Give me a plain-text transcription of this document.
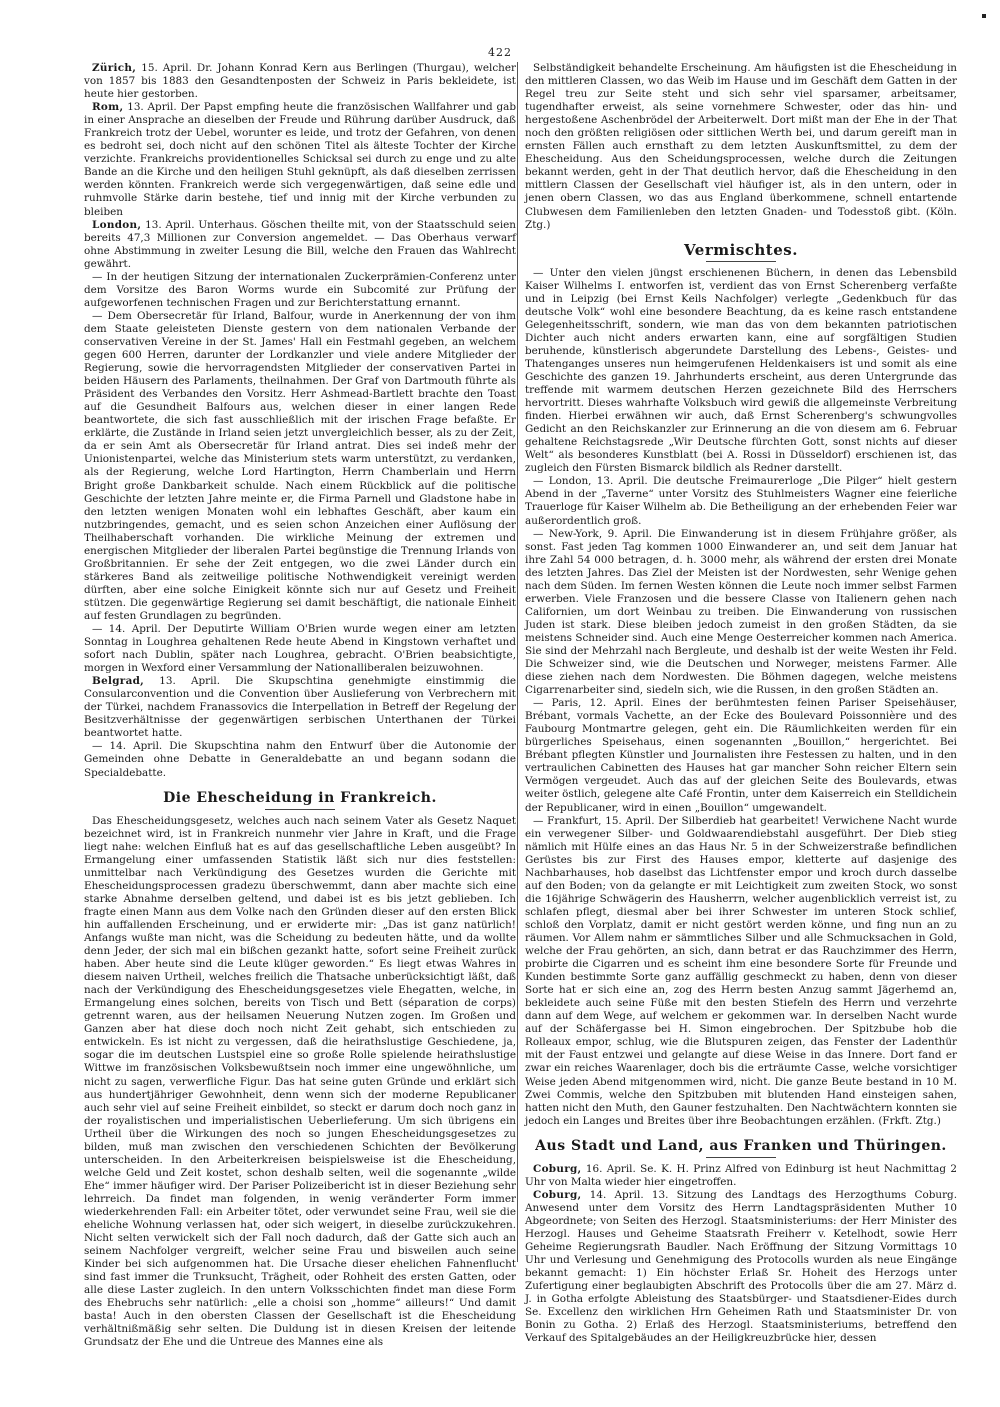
422

Zürich, 15. April. Dr. Johann Konrad Kern aus Berlingen (Thurgau), welcher von 1857 bis 1883 den Gesandtenposten der Schweiz in Paris bekleidete, ist heute hier gestorben.

Rom, 13. April. Der Papst empfing heute die französischen Wallfahrer und gab in einer Ansprache an dieselben der Freude und Rührung darüber Ausdruck, daß Frankreich trotz der Uebel, worunter es leide, und trotz der Gefahren, von denen es bedroht sei, doch nicht auf den schönen Titel als älteste Tochter der Kirche verzichte. Frankreichs providentionelles Schicksal sei durch zu enge und zu alte Bande an die Kirche und den heiligen Stuhl geknüpft, als daß dieselben zerrissen werden könnten. Frankreich werde sich vergegenwärtigen, daß seine edle und ruhmvolle Stärke darin bestehe, tief und innig mit der Kirche verbunden zu bleiben

London, 13. April. Unterhaus. Göschen theilte mit, von der Staatsschuld seien bereits 47,3 Millionen zur Conversion angemeldet. — Das Oberhaus verwarf ohne Abstimmung in zweiter Lesung die Bill, welche den Frauen das Wahlrecht gewährt.

— In der heutigen Sitzung der internationalen Zuckerprämien-Conferenz unter dem Vorsitze des Baron Worms wurde ein Subcomité zur Prüfung der aufgeworfenen technischen Fragen und zur Berichterstattung ernannt.

— Dem Obersecretär für Irland, Balfour, wurde in Anerkennung der von ihm dem Staate geleisteten Dienste gestern von dem nationalen Verbande der conservativen Vereine in der St. James' Hall ein Festmahl gegeben, an welchem gegen 600 Herren, darunter der Lordkanzler und viele andere Mitglieder der Regierung, sowie die hervorragendsten Mitglieder der conservativen Partei in beiden Häusern des Parlaments, theilnahmen. Der Graf von Dartmouth führte als Präsident des Verbandes den Vorsitz. Herr Ashmead-Bartlett brachte den Toast auf die Gesundheit Balfours aus, welchen dieser in einer langen Rede beantwortete, die sich fast ausschließlich mit der irischen Frage befaßte. Er erklärte, die Zustände in Irland seien jetzt unvergleichlich besser, als zu der Zeit, da er sein Amt als Obersecretär für Irland antrat. Dies sei indeß mehr der Unionistenpartei, welche das Ministerium stets warm unterstützt, zu verdanken, als der Regierung, welche Lord Hartington, Herrn Chamberlain und Herrn Bright große Dankbarkeit schulde. Nach einem Rückblick auf die politische Geschichte der letzten Jahre meinte er, die Firma Parnell und Gladstone habe in den letzten wenigen Monaten wohl ein lebhaftes Geschäft, aber kaum ein nutzbringendes, gemacht, und es seien schon Anzeichen einer Auflösung der Theilhaberschaft vorhanden. Die wirkliche Meinung der extremen und energischen Mitglieder der liberalen Partei begünstige die Trennung Irlands von Großbritannien. Er sehe der Zeit entgegen, wo die zwei Länder durch ein stärkeres Band als zeitweilige politische Nothwendigkeit vereinigt werden dürften, aber eine solche Einigkeit könnte sich nur auf Gesetz und Freiheit stützen. Die gegenwärtige Regierung sei damit beschäftigt, die nationale Einheit auf festen Grundlagen zu begründen.

— 14. April. Der Deputirte William O'Brien wurde wegen einer am letzten Sonntag in Loughrea gehaltenen Rede heute Abend in Kingstown verhaftet und sofort nach Dublin, später nach Loughrea, gebracht. O'Brien beabsichtigte, morgen in Wexford einer Versammlung der Nationalliberalen beizuwohnen.

Belgrad, 13. April. Die Skupschtina genehmigte einstimmig die Consularconvention und die Convention über Auslieferung von Verbrechern mit der Türkei, nachdem Franassovics die Interpellation in Betreff der Regelung der Besitzverhältnisse der gegenwärtigen serbischen Unterthanen der Türkei beantwortet hatte.

— 14. April. Die Skupschtina nahm den Entwurf über die Autonomie der Gemeinden ohne Debatte in Generaldebatte an und begann sodann die Specialdebatte.

Die Ehescheidung in Frankreich.

Das Ehescheidungsgesetz, welches auch nach seinem Vater als Gesetz Naquet bezeichnet wird, ist in Frankreich nunmehr vier Jahre in Kraft, und die Frage liegt nahe: welchen Einfluß hat es auf das gesellschaftliche Leben ausgeübt? In Ermangelung einer umfassenden Statistik läßt sich nur dies feststellen: unmittelbar nach Verkündigung des Gesetzes wurden die Gerichte mit Ehescheidungsprocessen gradezu überschwemmt, dann aber machte sich eine starke Abnahme derselben geltend, und dabei ist es bis jetzt geblieben. Ich fragte einen Mann aus dem Volke nach den Gründen dieser auf den ersten Blick hin auffallenden Erscheinung, und er erwiderte mir: „Das ist ganz natürlich! Anfangs wußte man nicht, was die Scheidung zu bedeuten hätte, und da wollte denn Jeder, der sich mal ein bißchen gezankt hatte, sofort seine Freiheit zurück haben. Aber heute sind die Leute klüger geworden.“ Es liegt etwas Wahres in diesem naiven Urtheil, welches freilich die Thatsache unberücksichtigt läßt, daß nach der Verkündigung des Ehescheidungsgesetzes viele Ehegatten, welche, in Ermangelung eines solchen, bereits von Tisch und Bett (séparation de corps) getrennt waren, aus der heilsamen Neuerung Nutzen zogen. Im Großen und Ganzen aber hat diese doch noch nicht Zeit gehabt, sich entschieden zu entwickeln. Es ist nicht zu vergessen, daß die heirathslustige Geschiedene, ja, sogar die im deutschen Lustspiel eine so große Rolle spielende heirathslustige Wittwe im französischen Volksbewußtsein noch immer eine ungewöhnliche, um nicht zu sagen, verwerfliche Figur. Das hat seine guten Gründe und erklärt sich aus hundertjähriger Gewohnheit, denn wenn sich der moderne Republicaner auch sehr viel auf seine Freiheit einbildet, so steckt er darum doch noch ganz in der royalistischen und imperialistischen Ueberlieferung. Um sich übrigens ein Urtheil über die Wirkungen des noch so jungen Ehescheidungsgesetzes zu bilden, muß man zwischen den verschiedenen Schichten der Bevölkerung unterscheiden. In den Arbeiterkreisen beispielsweise ist die Ehescheidung, welche Geld und Zeit kostet, schon deshalb selten, weil die sogenannte „wilde Ehe“ immer häufiger wird. Der Pariser Polizeibericht ist in dieser Beziehung sehr lehrreich. Da findet man folgenden, in wenig veränderter Form immer wiederkehrenden Fall: ein Arbeiter tötet, oder verwundet seine Frau, weil sie die eheliche Wohnung verlassen hat, oder sich weigert, in dieselbe zurückzukehren. Nicht selten verwickelt sich der Fall noch dadurch, daß der Gatte sich auch an seinem Nachfolger vergreift, welcher seine Frau und bisweilen auch seine Kinder bei sich aufgenommen hat. Die Ursache dieser ehelichen Fahnenflucht sind fast immer die Trunksucht, Trägheit, oder Rohheit des ersten Gatten, oder alle diese Laster zugleich. In den untern Volksschichten findet man diese Form des Ehebruchs sehr natürlich: „elle a choisi son „homme“ ailleurs!“ Und damit basta! Auch in den obersten Classen der Gesellschaft ist die Ehescheidung verhältnißmäßig sehr selten. Die Duldung ist in diesen Kreisen der leitende Grundsatz der Ehe und die Untreue des Mannes eine als

Selbständigkeit behandelte Erscheinung. Am häufigsten ist die Ehescheidung in den mittleren Classen, wo das Weib im Hause und im Geschäft dem Gatten in der Regel treu zur Seite steht und sich sehr viel sparsamer, arbeitsamer, tugendhafter erweist, als seine vornehmere Schwester, oder das hin- und hergestoßene Aschenbrödel der Arbeiterwelt. Dort mißt man der Ehe in der That noch den größten religiösen oder sittlichen Werth bei, und darum gereift man in ernsten Fällen auch ernsthaft zu dem letzten Auskunftsmittel, zu dem der Ehescheidung. Aus den Scheidungsprocessen, welche durch die Zeitungen bekannt werden, geht in der That deutlich hervor, daß die Ehescheidung in den mittlern Classen der Gesellschaft viel häufiger ist, als in den untern, oder in jenen obern Classen, wo das aus England überkommene, schnell entartende Clubwesen dem Familienleben den letzten Gnaden- und Todesstoß gibt. (Köln. Ztg.)

Vermischtes.

— Unter den vielen jüngst erschienenen Büchern, in denen das Lebensbild Kaiser Wilhelms I. entworfen ist, verdient das von Ernst Scherenberg verfaßte und in Leipzig (bei Ernst Keils Nachfolger) verlegte „Gedenkbuch für das deutsche Volk“ wohl eine besondere Beachtung, da es keine rasch entstandene Gelegenheitsschrift, sondern, wie man das von dem bekannten patriotischen Dichter auch nicht anders erwarten kann, eine auf sorgfältigen Studien beruhende, künstlerisch abgerundete Darstellung des Lebens-, Geistes- und Thatenganges unseres nun heimgerufenen Heldenkaisers ist und somit als eine Geschichte des ganzen 19. Jahrhunderts erscheint, aus deren Untergrunde das treffende mit warmem deutschen Herzen gezeichnete Bild des Herrschers hervortritt. Dieses wahrhafte Volksbuch wird gewiß die allgemeinste Verbreitung finden. Hierbei erwähnen wir auch, daß Ernst Scherenberg's schwungvolles Gedicht an den Reichskanzler zur Erinnerung an die von diesem am 6. Februar gehaltene Reichstagsrede „Wir Deutsche fürchten Gott, sonst nichts auf dieser Welt“ als besonderes Kunstblatt (bei A. Rossi in Düsseldorf) erschienen ist, das zugleich den Fürsten Bismarck bildlich als Redner darstellt.

— London, 13. April. Die deutsche Freimaurerloge „Die Pilger“ hielt gestern Abend in der „Taverne“ unter Vorsitz des Stuhlmeisters Wagner eine feierliche Trauerloge für Kaiser Wilhelm ab. Die Betheiligung an der erhebenden Feier war außerordentlich groß.

— New-York, 9. April. Die Einwanderung ist in diesem Frühjahre größer, als sonst. Fast jeden Tag kommen 1000 Einwanderer an, und seit dem Januar hat ihre Zahl 54 000 betragen, d. h. 3000 mehr, als während der ersten drei Monate des letzten Jahres. Das Ziel der Meisten ist der Nordwesten, sehr Wenige gehen nach dem Süden. Im fernen Westen können die Leute noch immer selbst Farmen erwerben. Viele Franzosen und die bessere Classe von Italienern gehen nach Californien, um dort Weinbau zu treiben. Die Einwanderung von russischen Juden ist stark. Diese bleiben jedoch zumeist in den großen Städten, da sie meistens Schneider sind. Auch eine Menge Oesterreicher kommen nach America. Sie sind der Mehrzahl nach Bergleute, und deshalb ist der weite Westen ihr Feld. Die Schweizer sind, wie die Deutschen und Norweger, meistens Farmer. Alle diese ziehen nach dem Nordwesten. Die Böhmen dagegen, welche meistens Cigarrenarbeiter sind, siedeln sich, wie die Russen, in den großen Städten an.

— Paris, 12. April. Eines der berühmtesten feinen Pariser Speisehäuser, Brébant, vormals Vachette, an der Ecke des Boulevard Poissonnière und des Faubourg Montmartre gelegen, geht ein. Die Räumlichkeiten werden für ein bürgerliches Speisehaus, einen sogenannten „Bouillon,“ hergerichtet. Bei Brébant pflegten Künstler und Journalisten ihre Festessen zu halten, und in den vertraulichen Cabinetten des Hauses hat gar mancher Sohn reicher Eltern sein Vermögen vergeudet. Auch das auf der gleichen Seite des Boulevards, etwas weiter östlich, gelegene alte Café Frontin, unter dem Kaiserreich ein Stelldichein der Republicaner, wird in einen „Bouillon“ umgewandelt.

— Frankfurt, 15. April. Der Silberdieb hat gearbeitet! Verwichene Nacht wurde ein verwegener Silber- und Goldwaarendiebstahl ausgeführt. Der Dieb stieg nämlich mit Hülfe eines an das Haus Nr. 5 in der Schweizerstraße befindlichen Gerüstes bis zur First des Hauses empor, kletterte auf dasjenige des Nachbarhauses, hob daselbst das Lichtfenster empor und kroch durch dasselbe auf den Boden; von da gelangte er mit Leichtigkeit zum zweiten Stock, wo sonst die 16jährige Schwägerin des Hausherrn, welcher augenblicklich verreist ist, zu schlafen pflegt, diesmal aber bei ihrer Schwester im unteren Stock schlief, schloß den Vorplatz, damit er nicht gestört werden könne, und fing nun an zu räumen. Vor Allem nahm er sämmtliches Silber und alle Schmucksachen in Gold, welche der Frau gehörten, an sich, dann betrat er das Rauchzimmer des Herrn, probirte die Cigarren und es scheint ihm eine besondere Sorte für Freunde und Kunden bestimmte Sorte ganz auffällig geschmeckt zu haben, denn von dieser Sorte hat er sich eine an, zog des Herrn besten Anzug sammt Jägerhemd an, bekleidete auch seine Füße mit den besten Stiefeln des Herrn und verzehrte dann auf dem Wege, auf welchem er gekommen war. In derselben Nacht wurde auf der Schäfergasse bei H. Simon eingebrochen. Der Spitzbube hob die Rolleaux empor, schlug, wie die Blutspuren zeigen, das Fenster der Ladenthür mit der Faust entzwei und gelangte auf diese Weise in das Innere. Dort fand er zwar ein reiches Waarenlager, doch bis die erträumte Casse, welche vorsichtiger Weise jeden Abend mitgenommen wird, nicht. Die ganze Beute bestand in 10 M. Zwei Commis, welche den Spitzbuben mit blutenden Hand einsteigen sahen, hatten nicht den Muth, den Gauner festzuhalten. Den Nachtwächtern konnten sie jedoch ein Langes und Breites über ihre Beobachtungen erzählen. (Frkft. Ztg.)

Aus Stadt und Land, aus Franken und Thüringen.

Coburg, 16. April. Se. K. H. Prinz Alfred von Edinburg ist heut Nachmittag 2 Uhr von Malta wieder hier eingetroffen.

Coburg, 14. April. 13. Sitzung des Landtags des Herzogthums Coburg. Anwesend unter dem Vorsitz des Herrn Landtagspräsidenten Muther 10 Abgeordnete; von Seiten des Herzogl. Staatsministeriums: der Herr Minister des Herzogl. Hauses und Geheime Staatsrath Freiherr v. Ketelhodt, sowie Herr Geheime Regierungsrath Baudler. Nach Eröffnung der Sitzung Vormittags 10 Uhr und Verlesung und Genehmigung des Protocolls wurden als neue Eingänge bekannt gemacht: 1) Ein höchster Erlaß Sr. Hoheit des Herzogs unter Zufertigung einer beglaubigten Abschrift des Protocolls über die am 27. März d. J. in Gotha erfolgte Ableistung des Staatsbürger- und Staatsdiener-Eides durch Se. Excellenz den wirklichen Hrn Geheimen Rath und Staatsminister Dr. von Bonin zu Gotha. 2) Erlaß des Herzogl. Staatsministeriums, betreffend den Verkauf des Spitalgebäudes an der Heiligkreuzbrücke hier, dessen
